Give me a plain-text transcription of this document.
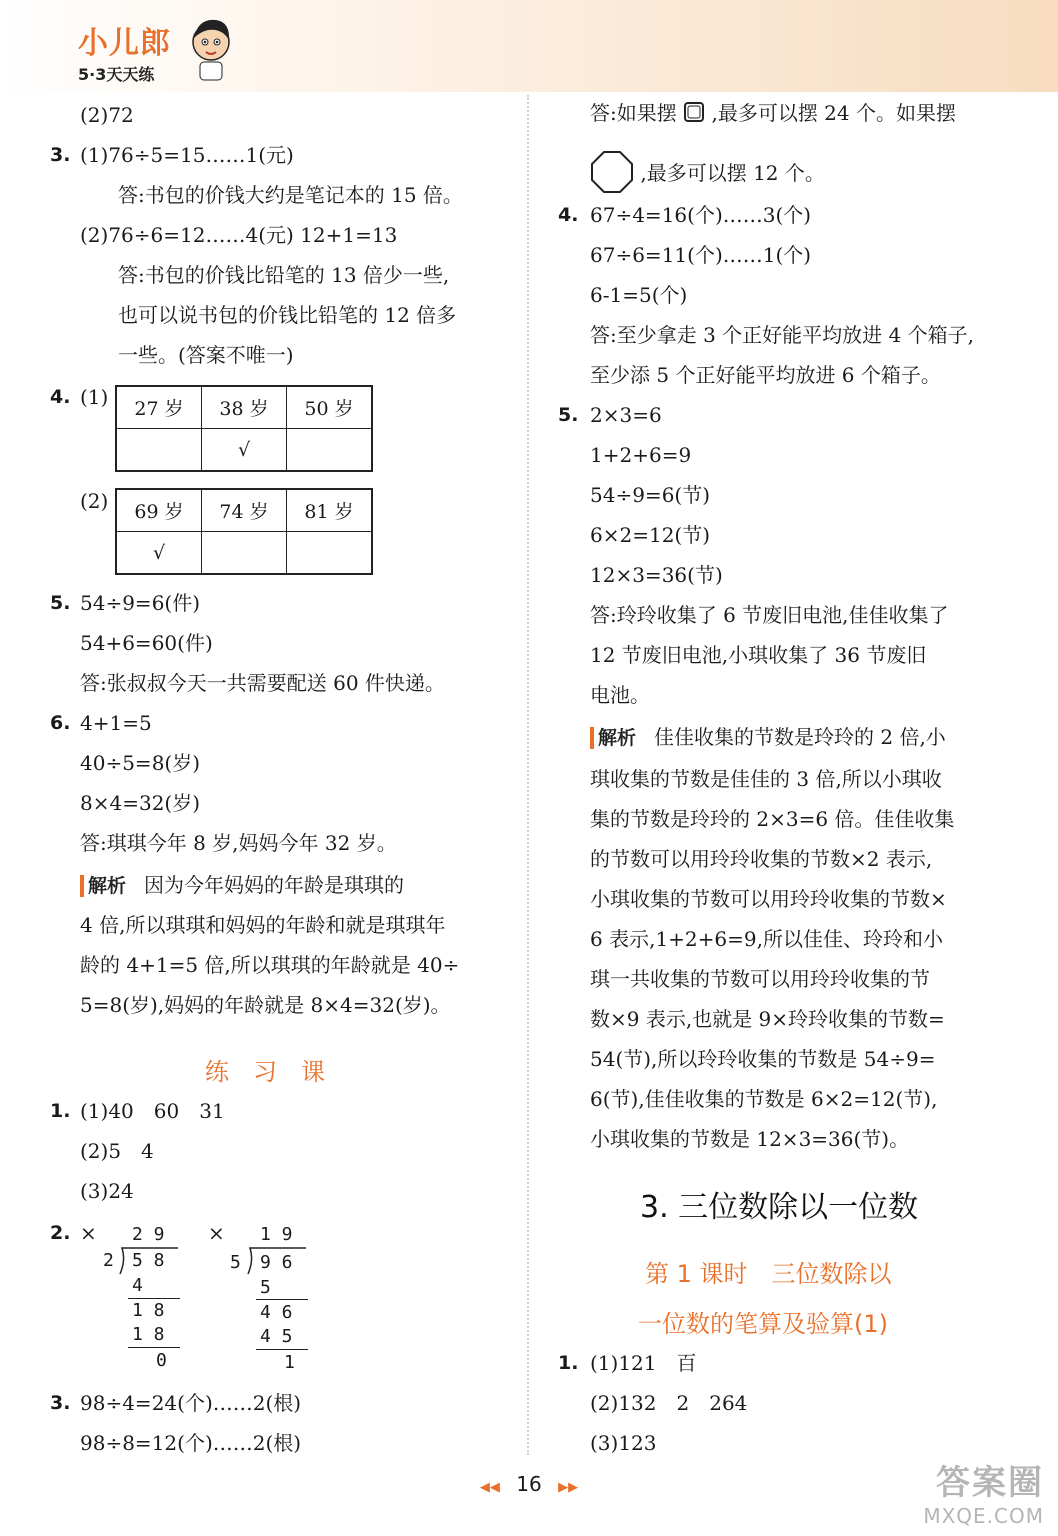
小儿郎
5·3天天练
(2)72
3. (1)76÷5=15……1(元)
答:书包的价钱大约是笔记本的 15 倍。
(2)76÷6=12……4(元) 12+1=13
答:书包的价钱比铅笔的 13 倍少一些,
也可以说书包的价钱比铅笔的 12 倍多
一些。(答案不唯一)
4. (1) 27 岁	38 岁	50 岁
	√	
(2) 69 岁	74 岁	81 岁
√		
5. 54÷9=6(件)
54+6=60(件)
答:张叔叔今天一共需要配送 60 件快递。
6. 4+1=5
40÷5=8(岁)
8×4=32(岁)
答:琪琪今年 8 岁,妈妈今年 32 岁。
解析 因为今年妈妈的年龄是琪琪的
4 倍,所以琪琪和妈妈的年龄和就是琪琪年
龄的 4+1=5 倍,所以琪琪的年龄就是 40÷
5=8(岁),妈妈的年龄就是 8×4=32(岁)。
练　习　课
1. (1)40　60　31
(2)5　4
(3)24
2. ×	×
2 9
2 5 8
4
1 8
1 8
0
1 9
5 9 6
5
4 6
4 5
1
3. 98÷4=24(个)……2(根)
98÷8=12(个)……2(根)
答:如果摆 ,最多可以摆 24 个。如果摆
,最多可以摆 12 个。
4. 67÷4=16(个)……3(个)
67÷6=11(个)……1(个)
6-1=5(个)
答:至少拿走 3 个正好能平均放进 4 个箱子,
至少添 5 个正好能平均放进 6 个箱子。
5. 2×3=6
1+2+6=9
54÷9=6(节)
6×2=12(节)
12×3=36(节)
答:玲玲收集了 6 节废旧电池,佳佳收集了
12 节废旧电池,小琪收集了 36 节废旧
电池。
解析 佳佳收集的节数是玲玲的 2 倍,小
琪收集的节数是佳佳的 3 倍,所以小琪收
集的节数是玲玲的 2×3=6 倍。佳佳收集
的节数可以用玲玲收集的节数×2 表示,
小琪收集的节数可以用玲玲收集的节数×
6 表示,1+2+6=9,所以佳佳、玲玲和小
琪一共收集的节数可以用玲玲收集的节
数×9 表示,也就是 9×玲玲收集的节数=
54(节),所以玲玲收集的节数是 54÷9=
6(节),佳佳收集的节数是 6×2=12(节),
小琪收集的节数是 12×3=36(节)。
3. 三位数除以一位数
第 1 课时　三位数除以
一位数的笔算及验算(1)
1. (1)121　百
(2)132　2　264
(3)123
◀◀ 16 ▶▶	答案圈
MXQE.COM
